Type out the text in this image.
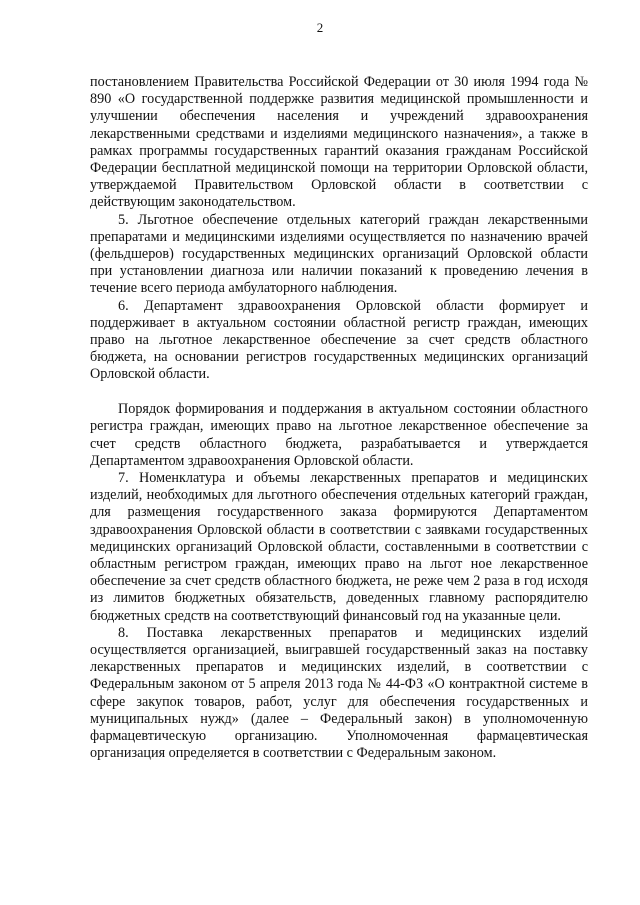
2

постановлением Правительства Российской Федерации от 30 июля 1994 года № 890 «О государственной поддержке развития медицинской промышленности и улучшении обеспечения населения и учреждений здравоохранения лекарственными средствами и изделиями медицинского назначения», а также в рамках программы государственных гарантий оказания гражданам Российской Федерации бесплатной медицинской помощи на территории Орловской области, утверждаемой Правительством Орловской области в соответствии с действующим законодательством.

5. Льготное обеспечение отдельных категорий граждан лекарственными препаратами и медицинскими изделиями осуществляется по назначению врачей (фельдшеров) государственных медицинских организаций Орловской области при установлении диагноза или наличии показаний к проведению лечения в течение всего периода амбулаторного наблюдения.

6. Департамент здравоохранения Орловской области формирует и поддерживает в актуальном состоянии областной регистр граждан, имеющих право на льготное лекарственное обеспечение за счет средств областного бюджета, на основании регистров государственных медицинских организаций Орловской области.

Порядок формирования и поддержания в актуальном состоянии областного регистра граждан, имеющих право на льготное лекарственное обеспечение за счет средств областного бюджета, разрабатывается и утверждается Департаментом здравоохранения Орловской области.

7. Номенклатура и объемы лекарственных препаратов и медицинских изделий, необходимых для льготного обеспечения отдельных категорий граждан, для размещения государственного заказа формируются Департаментом здравоохранения Орловской области в соответствии с заявками государственных медицинских организаций Орловской области, составленными в соответствии с областным регистром граждан, имеющих право на льгот ное лекарственное обеспечение за счет средств областного бюджета, не реже чем 2 раза в год исходя из лимитов бюджетных обязательств, доведенных главному распорядителю бюджетных средств на соответствующий финансовый год на указанные цели.

8. Поставка лекарственных препаратов и медицинских изделий осуществляется организацией, выигравшей государственный заказ на поставку лекарственных препаратов и медицинских изделий, в соответствии с Федеральным законом от 5 апреля 2013 года № 44-ФЗ «О контрактной системе в сфере закупок товаров, работ, услуг для обеспечения государственных и муниципальных нужд» (далее – Федеральный закон) в уполномоченную фармацевтическую организацию. Уполномоченная фармацевтическая организация определяется в соответствии с Федеральным законом.
